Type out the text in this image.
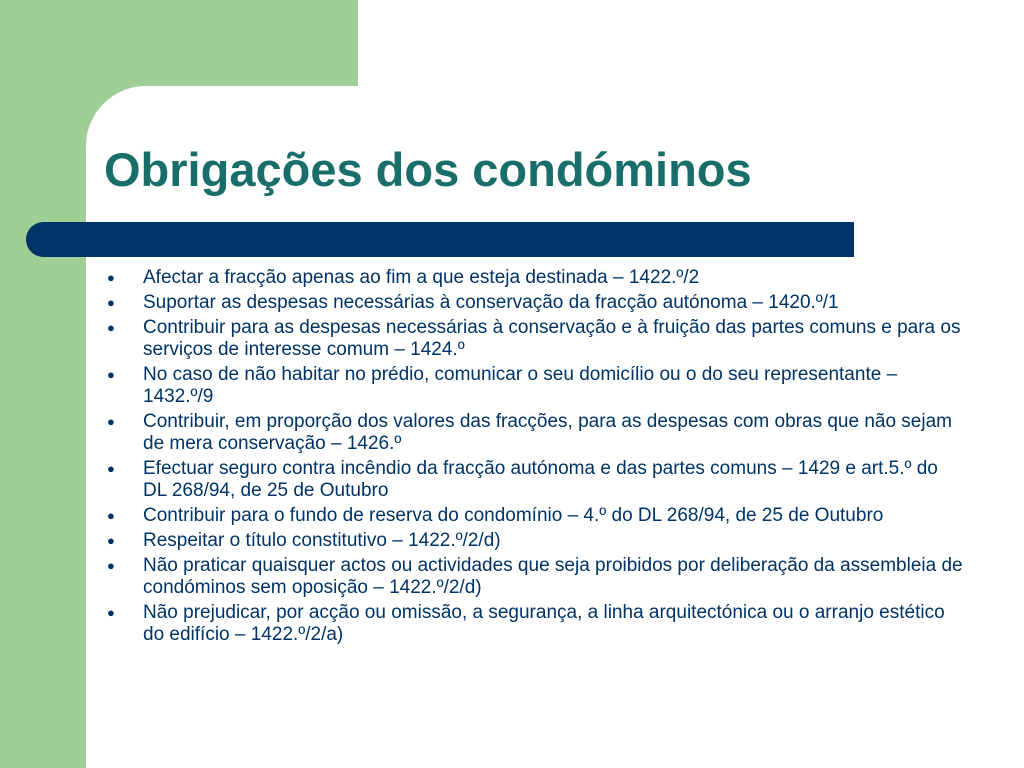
Obrigações dos condóminos
● Afectar a fracção apenas ao fim a que esteja destinada – 1422.º/2
● Suportar as despesas necessárias à conservação da fracção autónoma – 1420.º/1
● Contribuir para as despesas necessárias à conservação e à fruição das partes comuns e para os serviços de interesse comum – 1424.º
● No caso de não habitar no prédio, comunicar o seu domicílio ou o do seu representante – 1432.º/9
● Contribuir, em proporção dos valores das fracções, para as despesas com obras que não sejam de mera conservação – 1426.º
● Efectuar seguro contra incêndio da fracção autónoma e das partes comuns – 1429 e art.5.º do DL 268/94, de 25 de Outubro
● Contribuir para o fundo de reserva do condomínio – 4.º do DL 268/94, de 25 de Outubro
● Respeitar o título constitutivo – 1422.º/2/d)
● Não praticar quaisquer actos ou actividades que seja proibidos por deliberação da assembleia de condóminos sem oposição – 1422.º/2/d)
● Não prejudicar, por acção ou omissão, a segurança, a linha arquitectónica ou o arranjo estético do edifício – 1422.º/2/a)
